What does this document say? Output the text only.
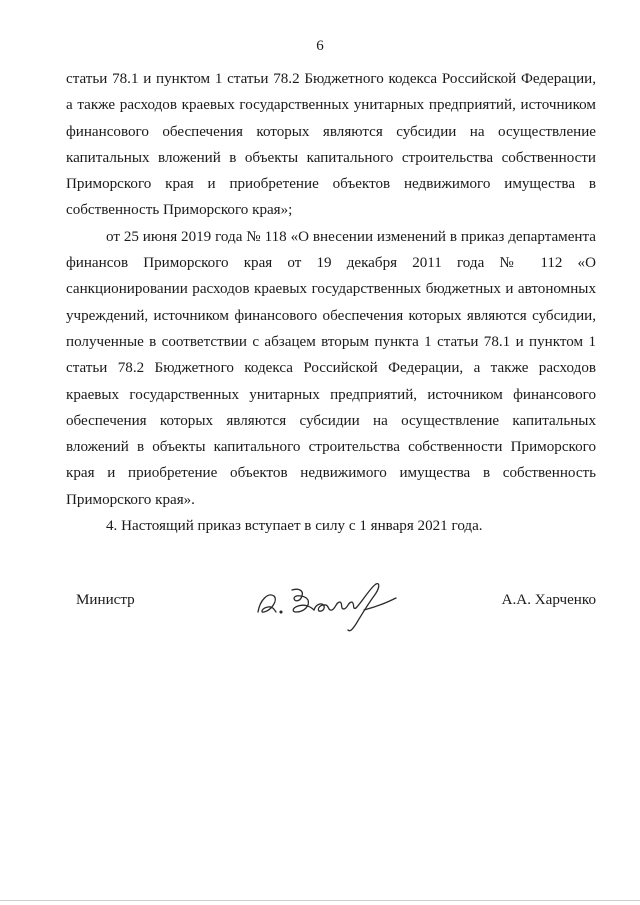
6

статьи 78.1 и пунктом 1 статьи 78.2 Бюджетного кодекса Российской Федерации, а также расходов краевых государственных унитарных предприятий, источником финансового обеспечения которых являются субсидии на осуществление капитальных вложений в объекты капитального строительства собственности Приморского края и приобретение объектов недвижимого имущества в собственность Приморского края»;

от 25 июня 2019 года № 118 «О внесении изменений в приказ департамента финансов Приморского края от 19 декабря 2011 года № 112 «О санкционировании расходов краевых государственных бюджетных и автономных учреждений, источником финансового обеспечения которых являются субсидии, полученные в соответствии с абзацем вторым пункта 1 статьи 78.1 и пунктом 1 статьи 78.2 Бюджетного кодекса Российской Федерации, а также расходов краевых государственных унитарных предприятий, источником финансового обеспечения которых являются субсидии на осуществление капитальных вложений в объекты капитального строительства собственности Приморского края и приобретение объектов недвижимого имущества в собственность Приморского края».

4. Настоящий приказ вступает в силу с 1 января 2021 года.

Министр	А.А. Харченко
